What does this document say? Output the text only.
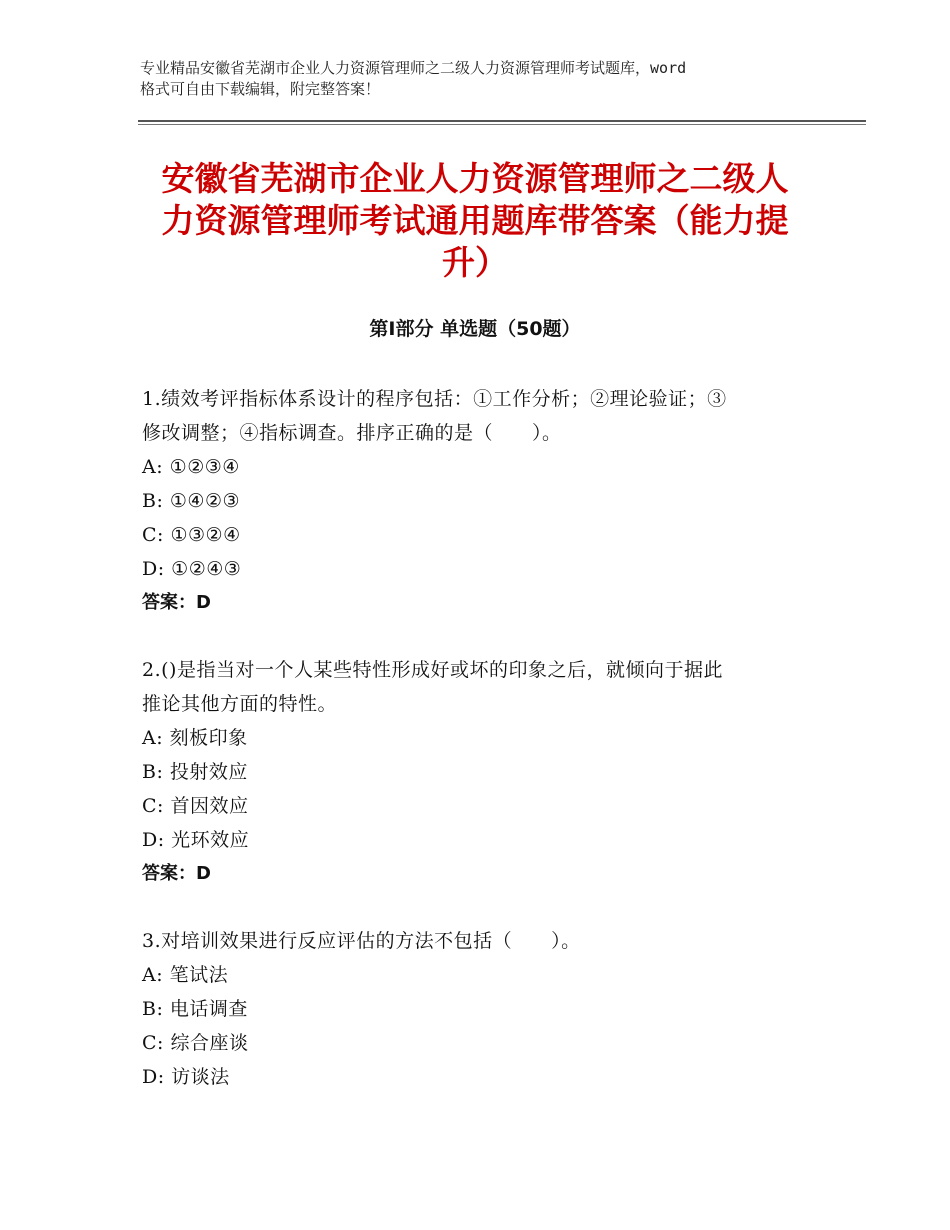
专业精品安徽省芜湖市企业人力资源管理师之二级人力资源管理师考试题库，word
格式可自由下载编辑，附完整答案！
安徽省芜湖市企业人力资源管理师之二级人
力资源管理师考试通用题库带答案（能力提
升）
第Ⅰ部分 单选题（50题）
1.绩效考评指标体系设计的程序包括：①工作分析；②理论验证；③
修改调整；④指标调查。排序正确的是（　　）。
A: ①②③④
B: ①④②③
C: ①③②④
D: ①②④③
答案：D
2.()是指当对一个人某些特性形成好或坏的印象之后，就倾向于据此
推论其他方面的特性。
A: 刻板印象
B: 投射效应
C: 首因效应
D: 光环效应
答案：D
3.对培训效果进行反应评估的方法不包括（　　）。
A: 笔试法
B: 电话调查
C: 综合座谈
D: 访谈法
